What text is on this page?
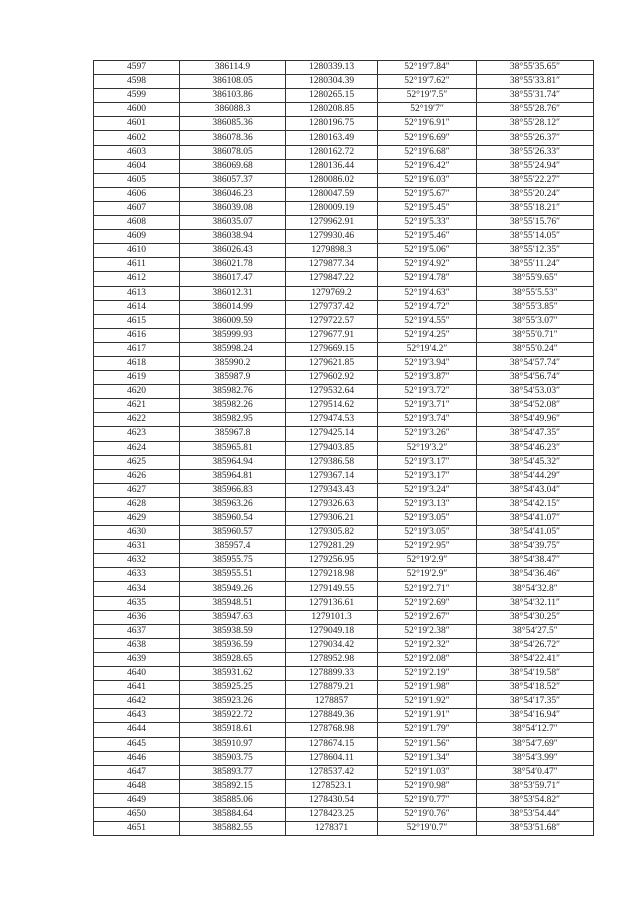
4597	386114.9	1280339.13	52°19′7.84″	38°55′35.65″
4598	386108.05	1280304.39	52°19′7.62″	38°55′33.81″
4599	386103.86	1280265.15	52°19′7.5″	38°55′31.74″
4600	386088.3	1280208.85	52°19′7″	38°55′28.76″
4601	386085.36	1280196.75	52°19′6.91″	38°55′28.12″
4602	386078.36	1280163.49	52°19′6.69″	38°55′26.37″
4603	386078.05	1280162.72	52°19′6.68″	38°55′26.33″
4604	386069.68	1280136.44	52°19′6.42″	38°55′24.94″
4605	386057.37	1280086.02	52°19′6.03″	38°55′22.27″
4606	386046.23	1280047.59	52°19′5.67″	38°55′20.24″
4607	386039.08	1280009.19	52°19′5.45″	38°55′18.21″
4608	386035.07	1279962.91	52°19′5.33″	38°55′15.76″
4609	386038.94	1279930.46	52°19′5.46″	38°55′14.05″
4610	386026.43	1279898.3	52°19′5.06″	38°55′12.35″
4611	386021.78	1279877.34	52°19′4.92″	38°55′11.24″
4612	386017.47	1279847.22	52°19′4.78″	38°55′9.65″
4613	386012.31	1279769.2	52°19′4.63″	38°55′5.53″
4614	386014.99	1279737.42	52°19′4.72″	38°55′3.85″
4615	386009.59	1279722.57	52°19′4.55″	38°55′3.07″
4616	385999.93	1279677.91	52°19′4.25″	38°55′0.71″
4617	385998.24	1279669.15	52°19′4.2″	38°55′0.24″
4618	385990.2	1279621.85	52°19′3.94″	38°54′57.74″
4619	385987.9	1279602.92	52°19′3.87″	38°54′56.74″
4620	385982.76	1279532.64	52°19′3.72″	38°54′53.03″
4621	385982.26	1279514.62	52°19′3.71″	38°54′52.08″
4622	385982.95	1279474.53	52°19′3.74″	38°54′49.96″
4623	385967.8	1279425.14	52°19′3.26″	38°54′47.35″
4624	385965.81	1279403.85	52°19′3.2″	38°54′46.23″
4625	385964.94	1279386.58	52°19′3.17″	38°54′45.32″
4626	385964.81	1279367.14	52°19′3.17″	38°54′44.29″
4627	385966.83	1279343.43	52°19′3.24″	38°54′43.04″
4628	385963.26	1279326.63	52°19′3.13″	38°54′42.15″
4629	385960.54	1279306.21	52°19′3.05″	38°54′41.07″
4630	385960.57	1279305.82	52°19′3.05″	38°54′41.05″
4631	385957.4	1279281.29	52°19′2.95″	38°54′39.75″
4632	385955.75	1279256.95	52°19′2.9″	38°54′38.47″
4633	385955.51	1279218.98	52°19′2.9″	38°54′36.46″
4634	385949.26	1279149.55	52°19′2.71″	38°54′32.8″
4635	385948.51	1279136.61	52°19′2.69″	38°54′32.11″
4636	385947.63	1279101.3	52°19′2.67″	38°54′30.25″
4637	385938.59	1279049.18	52°19′2.38″	38°54′27.5″
4638	385936.59	1279034.42	52°19′2.32″	38°54′26.72″
4639	385928.65	1278952.98	52°19′2.08″	38°54′22.41″
4640	385931.62	1278899.33	52°19′2.19″	38°54′19.58″
4641	385925.25	1278879.21	52°19′1.98″	38°54′18.52″
4642	385923.26	1278857	52°19′1.92″	38°54′17.35″
4643	385922.72	1278849.36	52°19′1.91″	38°54′16.94″
4644	385918.61	1278768.98	52°19′1.79″	38°54′12.7″
4645	385910.97	1278674.15	52°19′1.56″	38°54′7.69″
4646	385903.75	1278604.11	52°19′1.34″	38°54′3.99″
4647	385893.77	1278537.42	52°19′1.03″	38°54′0.47″
4648	385892.15	1278523.1	52°19′0.98″	38°53′59.71″
4649	385885.06	1278430.54	52°19′0.77″	38°53′54.82″
4650	385884.64	1278423.25	52°19′0.76″	38°53′54.44″
4651	385882.55	1278371	52°19′0.7″	38°53′51.68″
